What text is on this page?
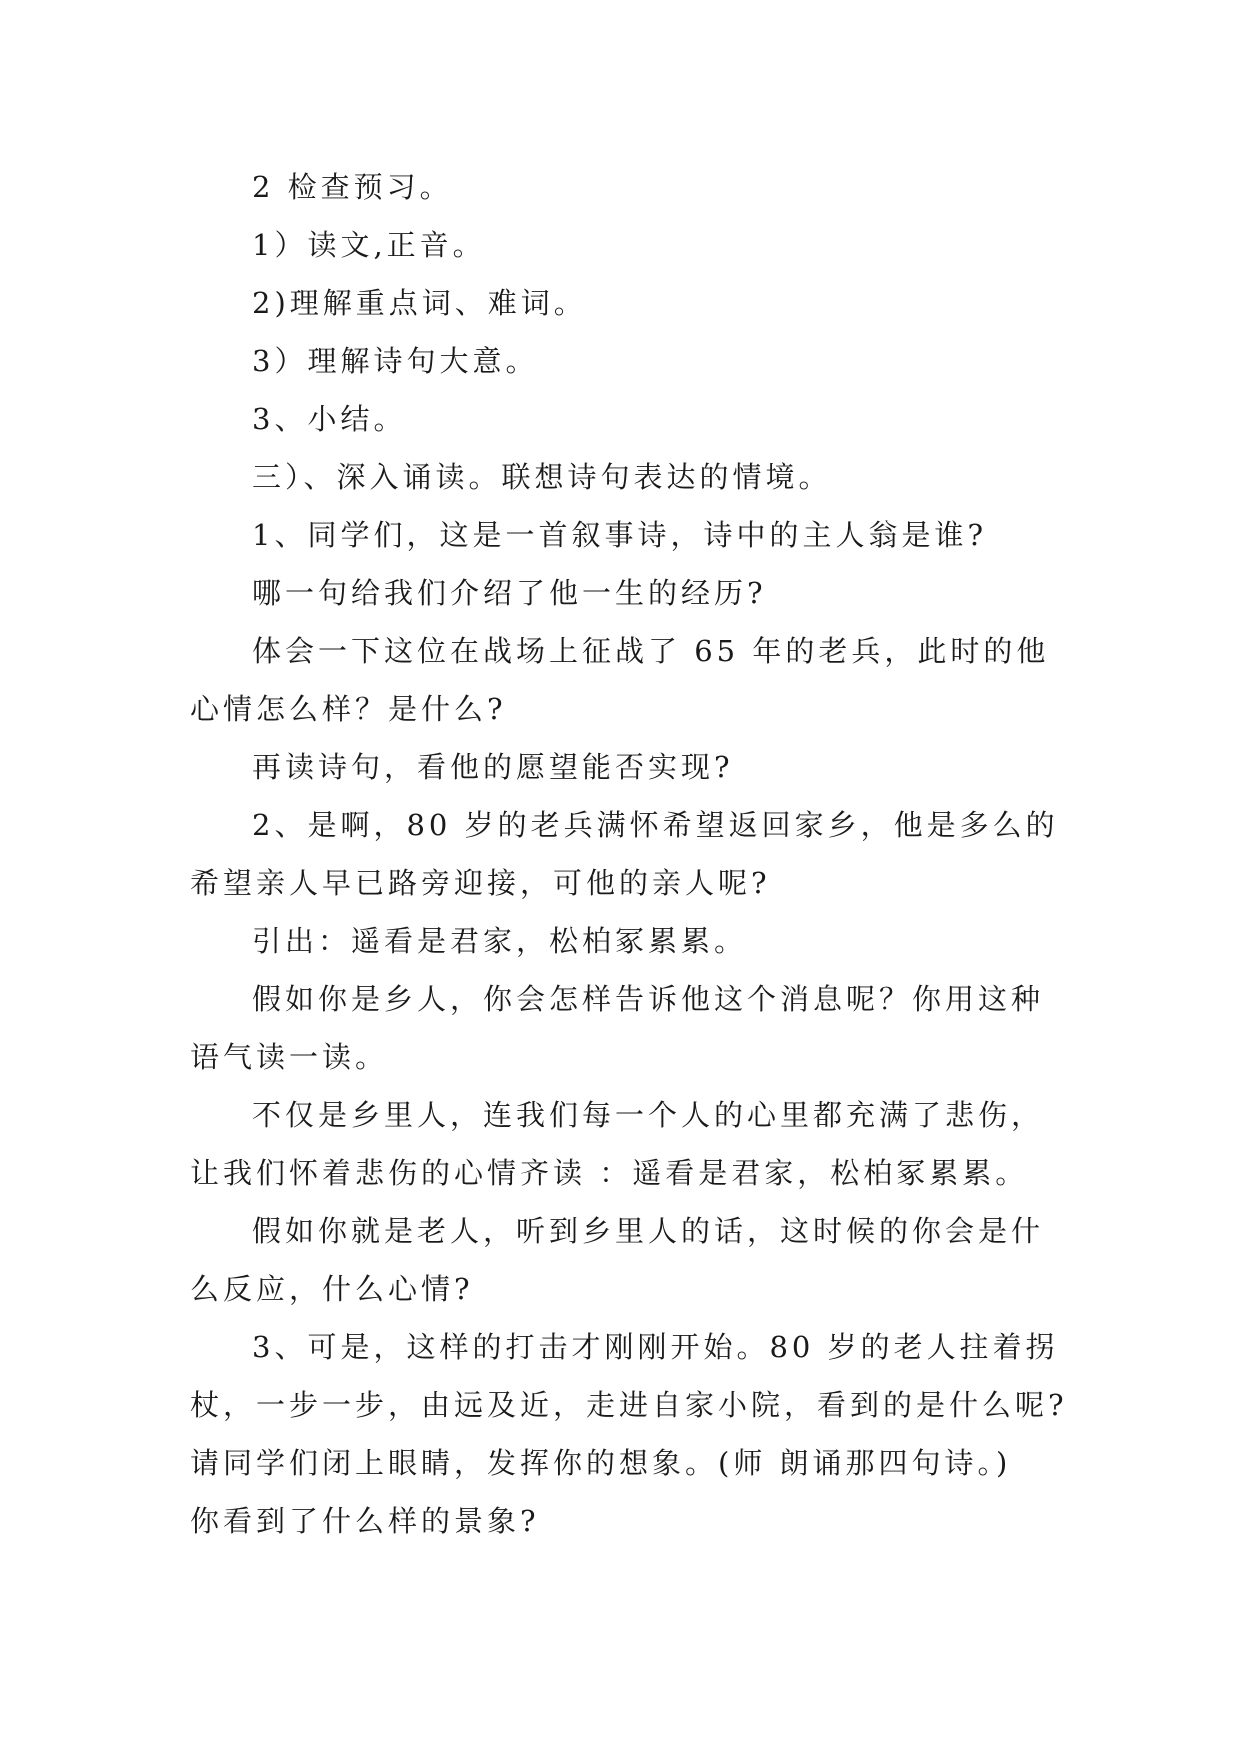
2 检查预习。
1）读文,正音。
2)理解重点词、难词。
3）理解诗句大意。
3、小结。
三）、深入诵读。联想诗句表达的情境。
1、同学们，这是一首叙事诗，诗中的主人翁是谁?
哪一句给我们介绍了他一生的经历?
体会一下这位在战场上征战了 65 年的老兵，此时的他
心情怎么样？是什么?
再读诗句，看他的愿望能否实现?
2、是啊，80 岁的老兵满怀希望返回家乡，他是多么的
希望亲人早已路旁迎接，可他的亲人呢?
引出：遥看是君家，松柏冢累累。
假如你是乡人，你会怎样告诉他这个消息呢？你用这种
语气读一读。
不仅是乡里人，连我们每一个人的心里都充满了悲伤，
让我们怀着悲伤的心情齐读 ：遥看是君家，松柏冢累累。
假如你就是老人，听到乡里人的话，这时候的你会是什
么反应，什么心情?
3、可是，这样的打击才刚刚开始。80 岁的老人拄着拐
杖，一步一步，由远及近，走进自家小院，看到的是什么呢?
请同学们闭上眼睛，发挥你的想象。(师 朗诵那四句诗。)
你看到了什么样的景象?
